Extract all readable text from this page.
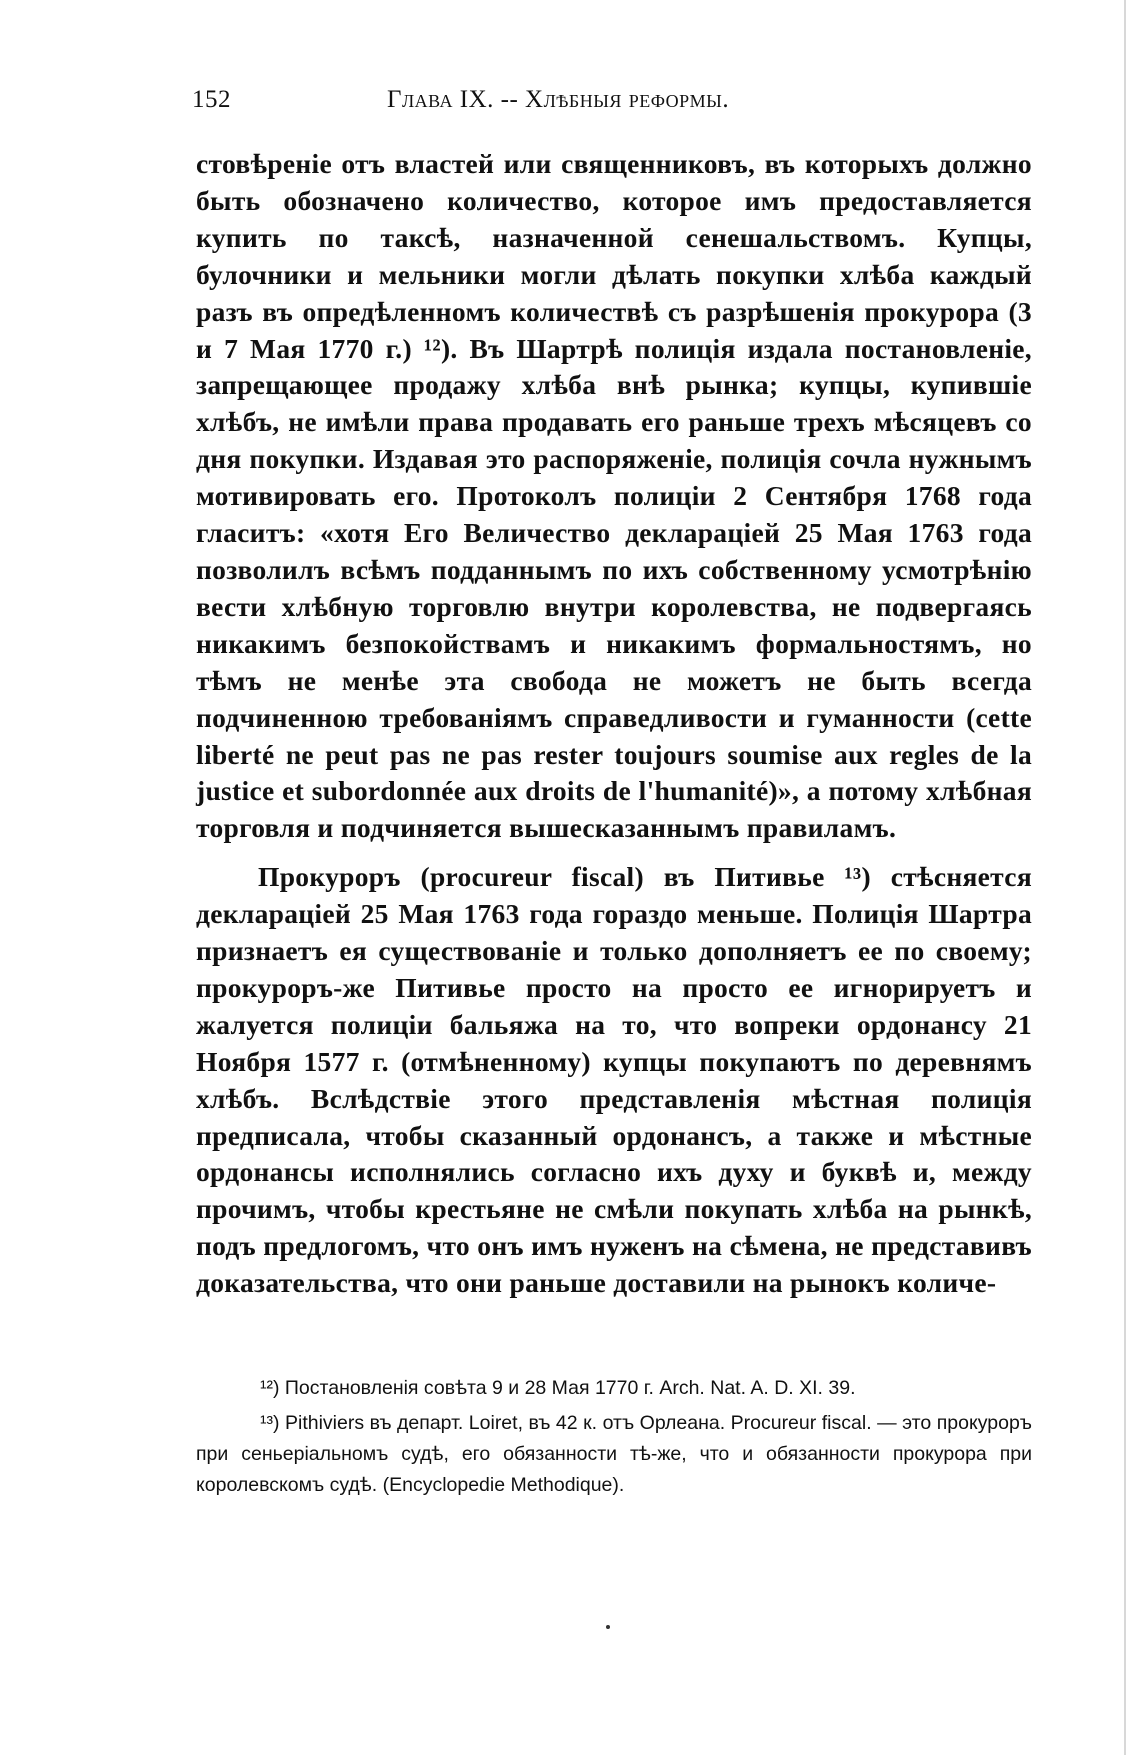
152	Глава IX. -- Хлѣбныя реформы.

стовѣреніе отъ властей или священниковъ, въ которыхъ должно быть обозначено количество, которое имъ предоставляется купить по таксѣ, назначенной сенешальствомъ. Купцы, булочники и мельники могли дѣлать покупки хлѣба каждый разъ въ опредѣленномъ количествѣ съ разрѣшенія прокурора (3 и 7 Мая 1770 г.) ¹²). Въ Шартрѣ полиція издала постановленіе, запрещающее продажу хлѣба внѣ рынка; купцы, купившіе хлѣбъ, не имѣли права продавать его раньше трехъ мѣсяцевъ со дня покупки. Издавая это распоряженіе, полиція сочла нужнымъ мотивировать его. Протоколъ полиціи 2 Сентября 1768 года гласитъ: «хотя Его Величество декларацiей 25 Мая 1763 года позволилъ всѣмъ подданнымъ по ихъ собственному усмотрѣнію вести хлѣбную торговлю внутри королевства, не подвергаясь никакимъ безпокойствамъ и никакимъ формальностямъ, но тѣмъ не менѣе эта свобода не можетъ не быть всегда подчиненною требованiямъ справедливости и гуманности (cette liberté ne peut pas ne pas rester toujours soumise aux regles de la justice et subordonnée aux droits de l'humanité)», а потому хлѣбная торговля и подчиняется вышесказаннымъ правиламъ.

Прокуроръ (procureur fiscal) въ Питивье ¹³) стѣсняется декларацiей 25 Мая 1763 года гораздо меньше. Полиція Шартра признаетъ ея существованіе и только дополняетъ ее по своему; прокуроръ-же Питивье просто на просто ее игнорируетъ и жалуется полиціи бальяжа на то, что вопреки ордонансу 21 Ноября 1577 г. (отмѣненному) купцы покупаютъ по деревнямъ хлѣбъ. Вслѣдствіе этого представленія мѣстная полиція предписала, чтобы сказанный ордонансъ, а также и мѣстные ордонансы исполнялись согласно ихъ духу и буквѣ и, между прочимъ, чтобы крестьяне не смѣли покупать хлѣба на рынкѣ, подъ предлогомъ, что онъ имъ нуженъ на сѣмена, не представивъ доказательства, что они раньше доставили на рынокъ количе-

¹²) Постановленія совѣта 9 и 28 Мая 1770 г. Arch. Nat. A. D. XI. 39.

¹³) Pithiviers въ департ. Loiret, въ 42 к. отъ Орлеана. Procureur fiscal. — это прокуроръ при сеньеріальномъ судѣ, его обязанности тѣ-же, что и обязанности прокурора при королевскомъ судѣ. (Encyclopedie Methodique).
